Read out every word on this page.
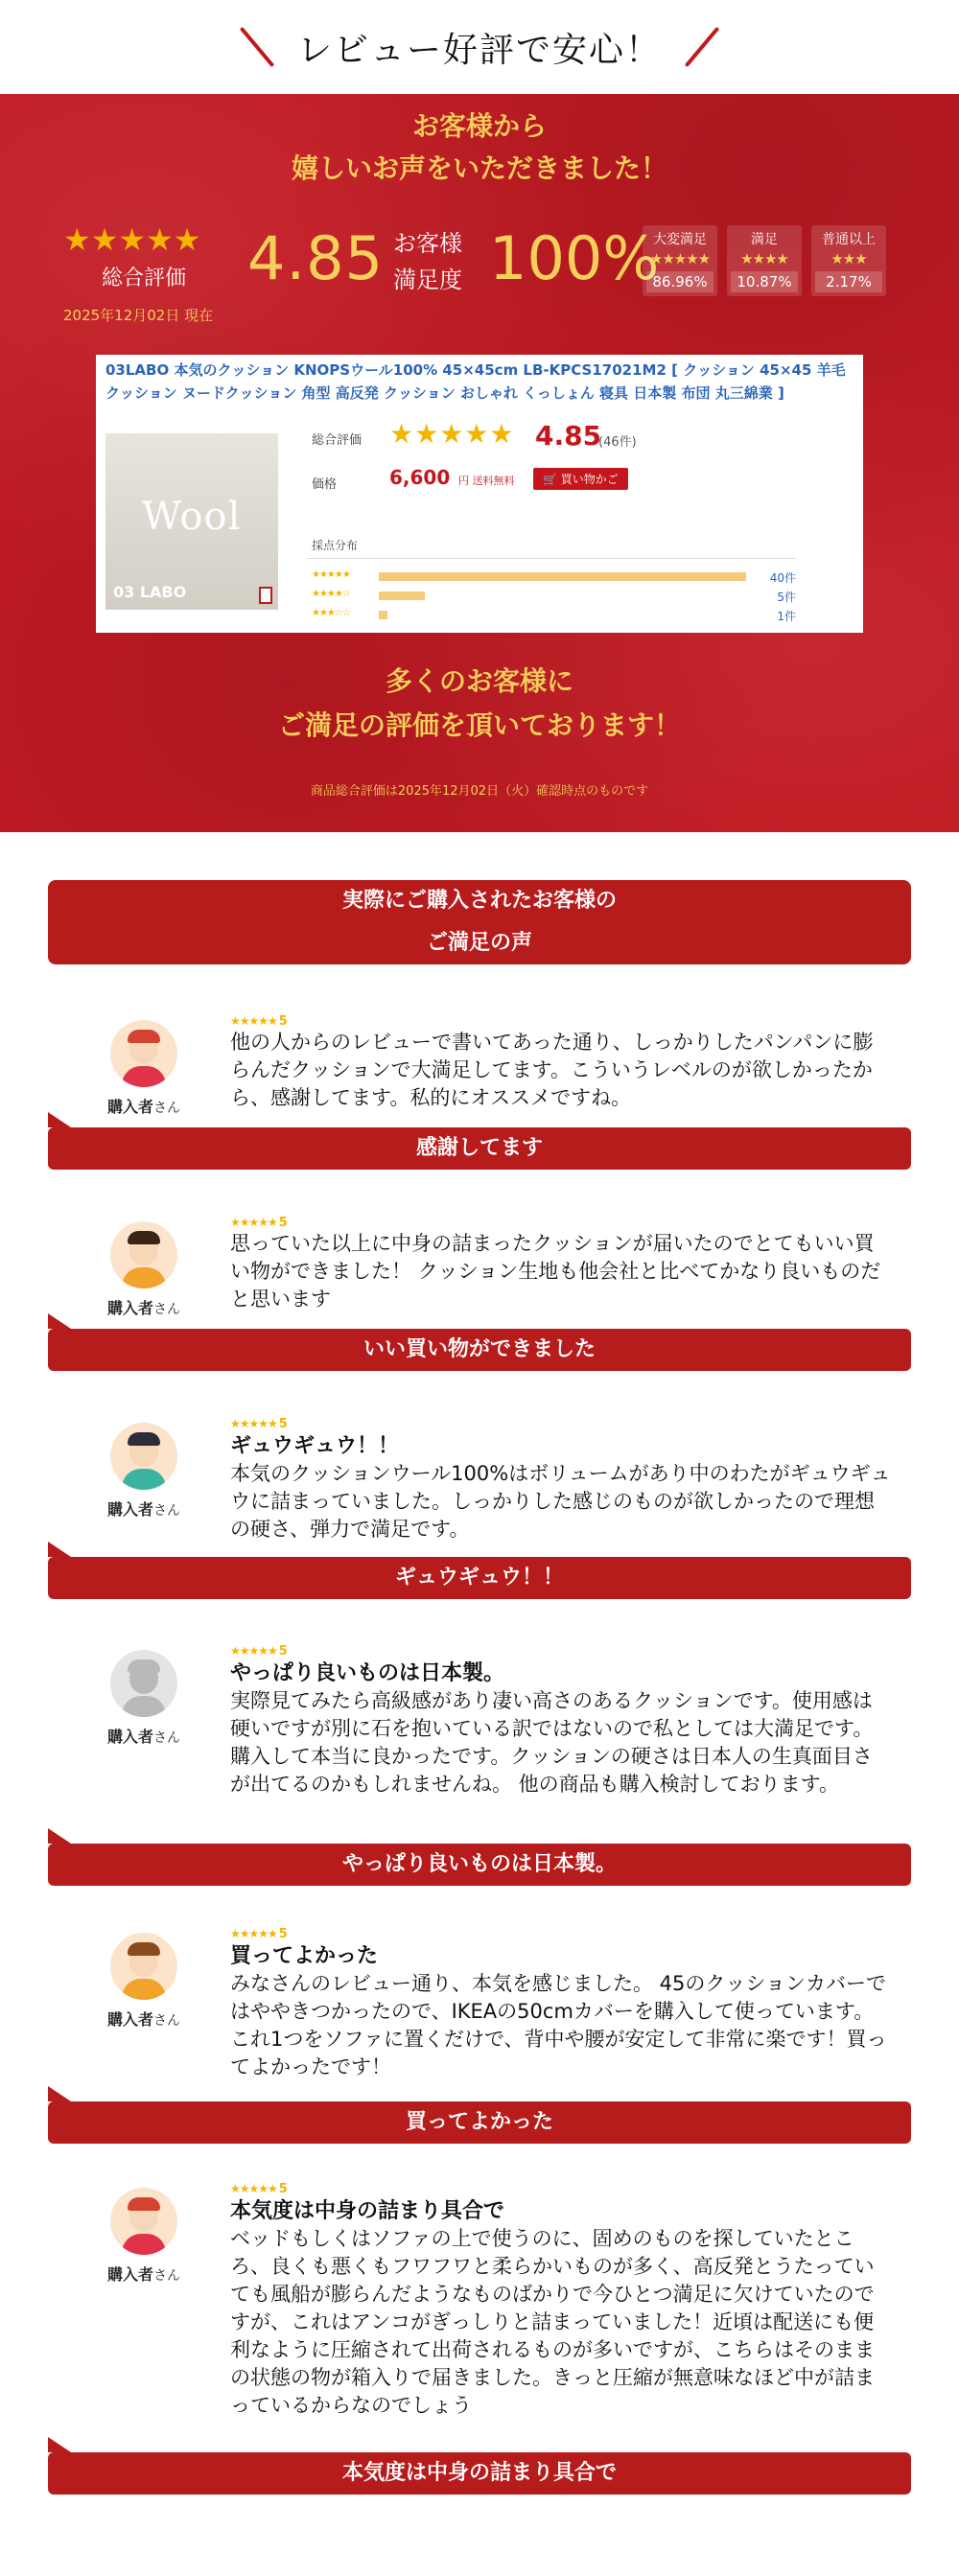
レビュー好評で安心！
お客様から
嬉しいお声をいただきました！
★★★★★
総合評価
2025年12月02日 現在
4.85 お客様
満足度 100%
大変満足
★★★★★
86.96%
満足
★★★★
10.87%
普通以上
★★★
2.17%
03LABO 本気のクッション KNOPSウール100% 45×45cm LB-KPCS17021M2 [ クッション 45×45 羊毛 クッション ヌードクッション 角型 高反発 クッション おしゃれ くっしょん 寝具 日本製 布団 丸三綿業 ]
Wool
03 LABO
総合評価 ★★★★★ 4.85
(46件)
価格	6,600 円 送料無料	🛒 買い物かご
採点分布
★★★★★	40件
★★★★☆	5件
★★★☆☆	1件
多くのお客様に
ご満足の評価を頂いております！
商品総合評価は2025年12月02日（火）確認時点のものです
実際にご購入されたお客様の
ご満足の声
購入者さん
★★★★★ 5
他の人からのレビューで書いてあった通り、しっかりしたパンパンに膨らんだクッションで大満足してます。こういうレベルのが欲しかったから、感謝してます。私的にオススメですね。
感謝してます
購入者さん
★★★★★ 5
思っていた以上に中身の詰まったクッションが届いたのでとてもいい買い物ができました！ クッション生地も他会社と比べてかなり良いものだと思います
いい買い物ができました
購入者さん
★★★★★ 5
ギュウギュウ！！
本気のクッションウール100%はボリュームがあり中のわたがギュウギュウに詰まっていました。しっかりした感じのものが欲しかったので理想の硬さ、弾力で満足です。
ギュウギュウ！！
購入者さん
★★★★★ 5
やっぱり良いものは日本製。
実際見てみたら高級感があり凄い高さのあるクッションです。使用感は硬いですが別に石を抱いている訳ではないので私としては大満足です。購入して本当に良かったです。クッションの硬さは日本人の生真面目さが出てるのかもしれませんね。 他の商品も購入検討しております。
やっぱり良いものは日本製。
購入者さん
★★★★★ 5
買ってよかった
みなさんのレビュー通り、本気を感じました。 45のクッションカバーではややきつかったので、IKEAの50cmカバーを購入して使っています。 これ1つをソファに置くだけで、背中や腰が安定して非常に楽です！買ってよかったです！
買ってよかった
購入者さん
★★★★★ 5
本気度は中身の詰まり具合で
ベッドもしくはソファの上で使うのに、固めのものを探していたところ、良くも悪くもフワフワと柔らかいものが多く、高反発とうたっていても風船が膨らんだようなものばかりで今ひとつ満足に欠けていたのですが、これはアンコがぎっしりと詰まっていました！近頃は配送にも便利なように圧縮されて出荷されるものが多いですが、こちらはそのままの状態の物が箱入りで届きました。きっと圧縮が無意味なほど中が詰まっているからなのでしょう
本気度は中身の詰まり具合で
